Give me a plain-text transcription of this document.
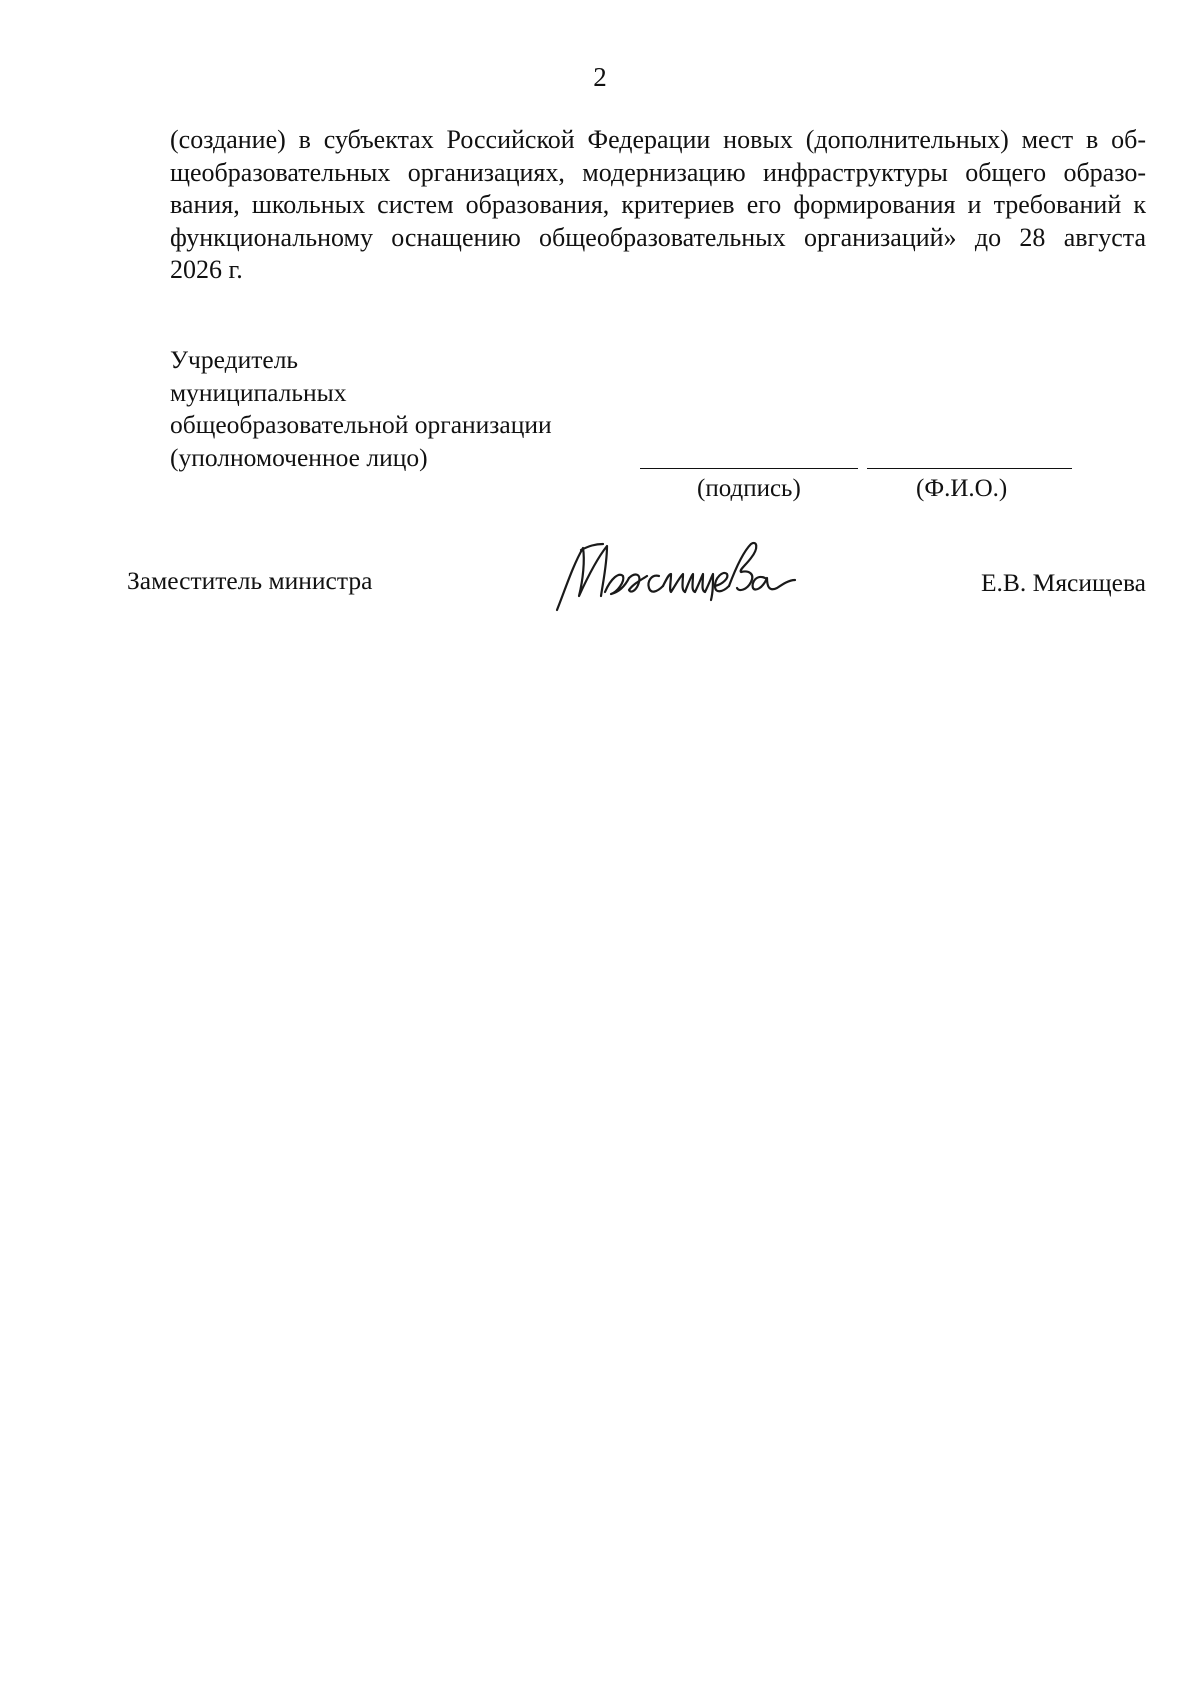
2
(создание) в субъектах Российской Федерации новых (дополнительных) мест в об-
щеобразовательных организациях, модернизацию инфраструктуры общего образо-
вания, школьных систем образования, критериев его формирования и требований к
функциональному оснащению общеобразовательных организаций» до 28 августа
2026 г.
Учредитель
муниципальных
общеобразовательной организации
(уполномоченное лицо)
(подпись)	(Ф.И.О.)
Заместитель министра	Е.В. Мясищева
